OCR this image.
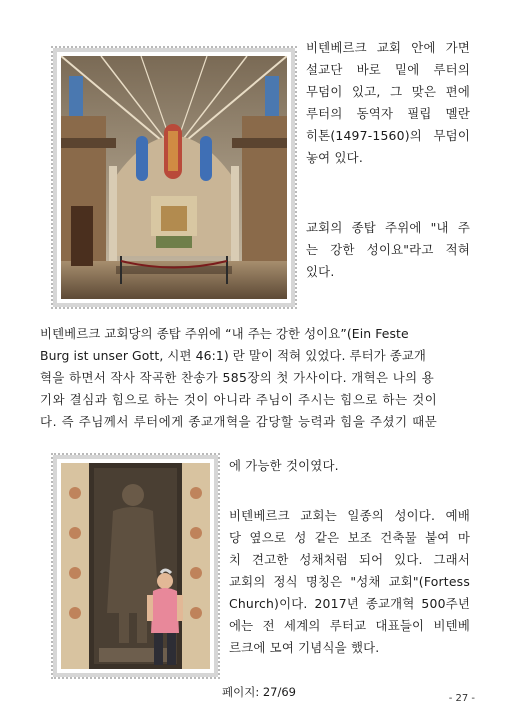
비텐베르크 교회 안에 가면
설교단 바로 밑에 루터의
무덤이 있고, 그 맞은 편에
루터의 동역자 필립 멜란
히톤(1497-1560)의 무덤이
놓여 있다.
교회의 종탑 주위에 "내 주
는 강한 성이요"라고 적혀
있다.
비텐베르크 교회당의 종탑 주위에 “내 주는 강한 성이요”(Ein Feste
Burg ist unser Gott, 시편 46:1) 란 말이 적혀 있었다. 루터가 종교개
혁을 하면서 작사 작곡한 찬송가 585장의 첫 가사이다. 개혁은 나의 용
기와 결심과 힘으로 하는 것이 아니라 주님이 주시는 힘으로 하는 것이
다. 즉 주님께서 루터에게 종교개혁을 감당할 능력과 힘을 주셨기 때문
에 가능한 것이였다.
비텐베르크 교회는 일종의 성이다. 예배
당 옆으로 성 같은 보조 건축물 붙여 마
치 견고한 성채처럼 되어 있다. 그래서
교회의 정식 명칭은 "성채 교회"(Fortess
Church)이다. 2017년 종교개혁 500주년
에는 전 세계의 루터교 대표들이 비텐베
르크에 모여 기념식을 했다.
페이지: 27/69	- 27 -
